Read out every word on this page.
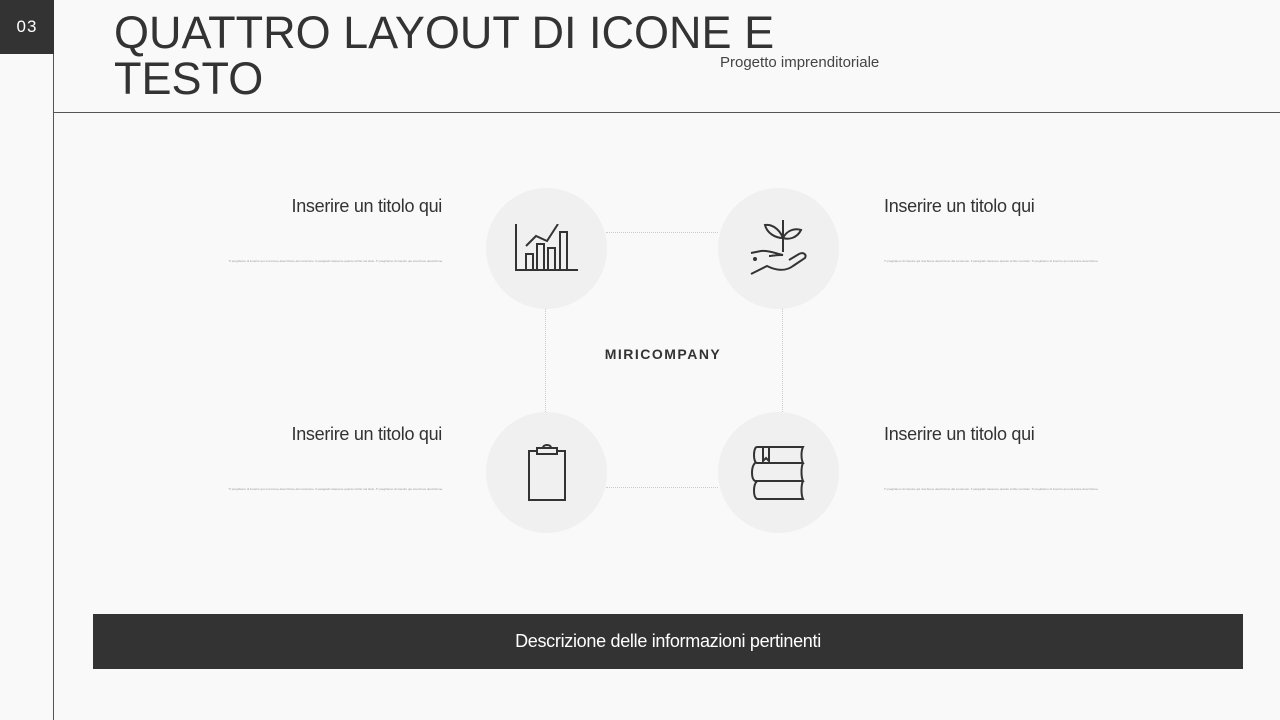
03	QUATTRO LAYOUT DI ICONE E TESTO	Progetto imprenditoriale
MIRICOMPANY
Inserire un titolo qui
Ti preghiamo di inserire qui una breve descrizione del contenuto. Il paragrafo riassume quanto scritto nel titolo. Ti preghiamo di inserire qui una breve descrizione.
Inserire un titolo qui
Ti preghiamo di inserire qui una breve descrizione del contenuto. Il paragrafo riassume quanto scritto nel titolo. Ti preghiamo di inserire qui una breve descrizione.
Inserire un titolo qui
Ti preghiamo di inserire qui una breve descrizione del contenuto. Il paragrafo riassume quanto scritto nel titolo. Ti preghiamo di inserire qui una breve descrizione.
Inserire un titolo qui
Ti preghiamo di inserire qui una breve descrizione del contenuto. Il paragrafo riassume quanto scritto nel titolo. Ti preghiamo di inserire qui una breve descrizione.
Descrizione delle informazioni pertinenti
